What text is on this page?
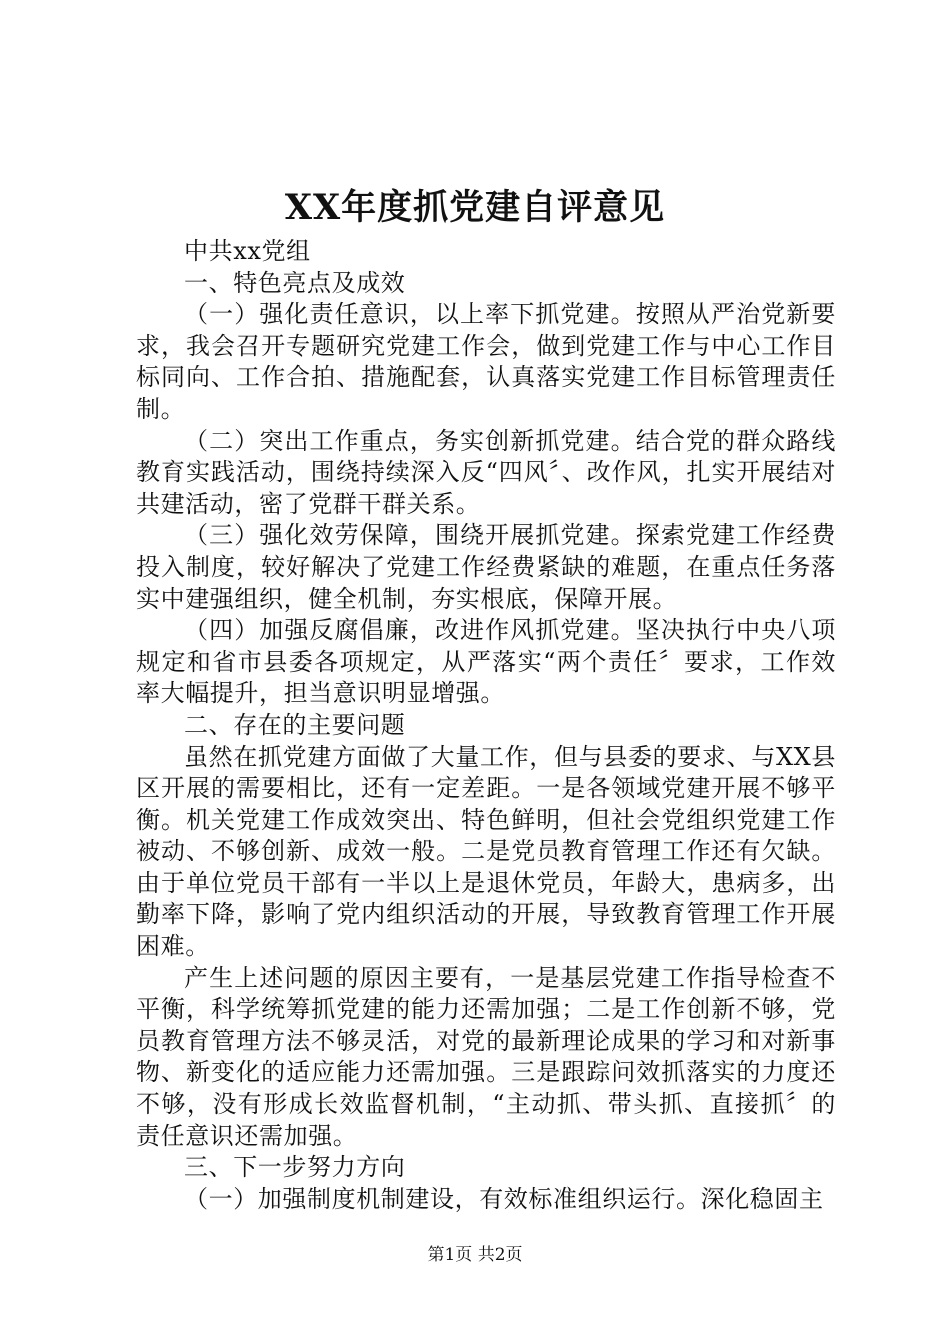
XX年度抓党建自评意见

中共xx党组

一、特色亮点及成效

（一）强化责任意识，以上率下抓党建。按照从严治党新要求，我会召开专题研究党建工作会，做到党建工作与中心工作目标同向、工作合拍、措施配套，认真落实党建工作目标管理责任制。

（二）突出工作重点，务实创新抓党建。结合党的群众路线教育实践活动，围绕持续深入反“四风〞、改作风，扎实开展结对共建活动，密了党群干群关系。

（三）强化效劳保障，围绕开展抓党建。探索党建工作经费投入制度，较好解决了党建工作经费紧缺的难题，在重点任务落实中建强组织，健全机制，夯实根底，保障开展。

（四）加强反腐倡廉，改进作风抓党建。坚决执行中央八项规定和省市县委各项规定，从严落实“两个责任〞要求，工作效率大幅提升，担当意识明显增强。

二、存在的主要问题

虽然在抓党建方面做了大量工作，但与县委的要求、与XX县区开展的需要相比，还有一定差距。一是各领域党建开展不够平衡。机关党建工作成效突出、特色鲜明，但社会党组织党建工作被动、不够创新、成效一般。二是党员教育管理工作还有欠缺。由于单位党员干部有一半以上是退休党员，年龄大，患病多，出勤率下降，影响了党内组织活动的开展，导致教育管理工作开展困难。

产生上述问题的原因主要有，一是基层党建工作指导检查不平衡，科学统筹抓党建的能力还需加强；二是工作创新不够，党员教育管理方法不够灵活，对党的最新理论成果的学习和对新事物、新变化的适应能力还需加强。三是跟踪问效抓落实的力度还不够，没有形成长效监督机制，“主动抓、带头抓、直接抓〞的责任意识还需加强。

三、下一步努力方向

（一）加强制度机制建设，有效标准组织运行。深化稳固主

第1页 共2页
